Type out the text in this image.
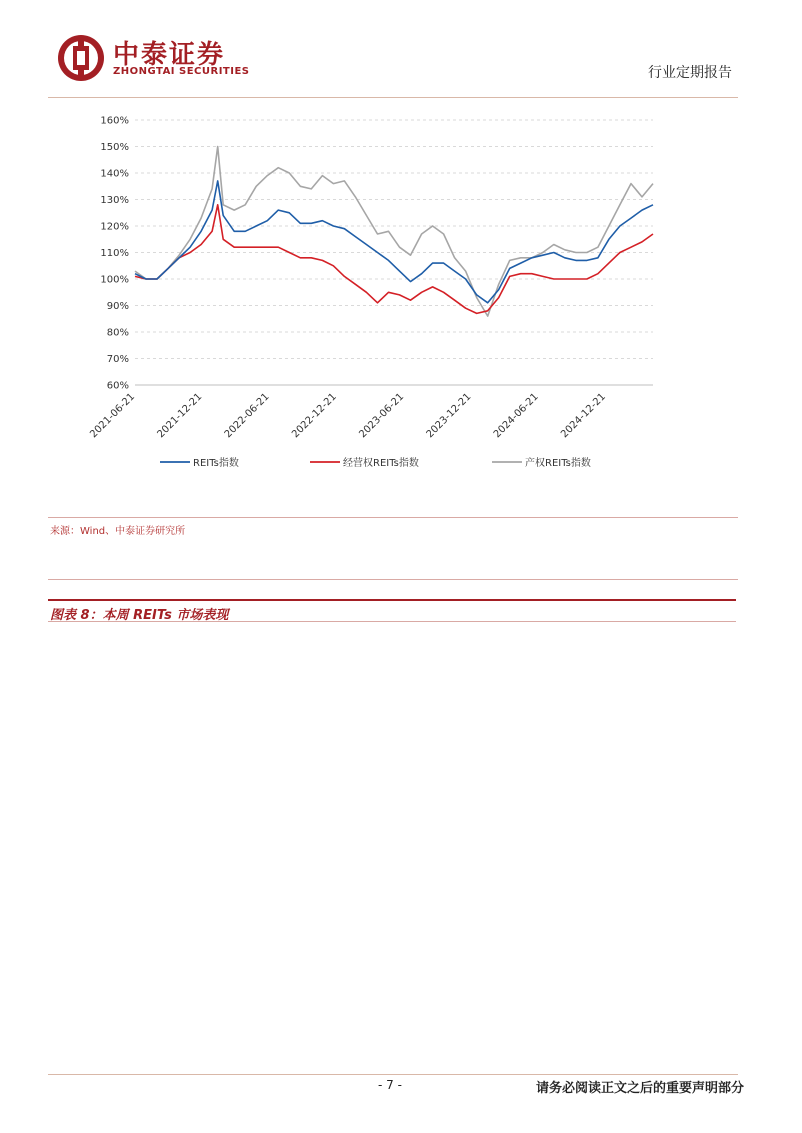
中泰证券
ZHONGTAI SECURITIES	行业定期报告
60%
70%
80%
90%
100%
110%
120%
130%
140%
150%
160%
2021-06-21 2021-12-21 2022-06-21 2022-12-21 2023-06-21 2023-12-21 2024-06-21 2024-12-21
REITs指数	经营权REITs指数	产权REITs指数
来源：Wind、中泰证券研究所
图表 8：本周 REITs 市场表现
- 7 -	请务必阅读正文之后的重要声明部分
